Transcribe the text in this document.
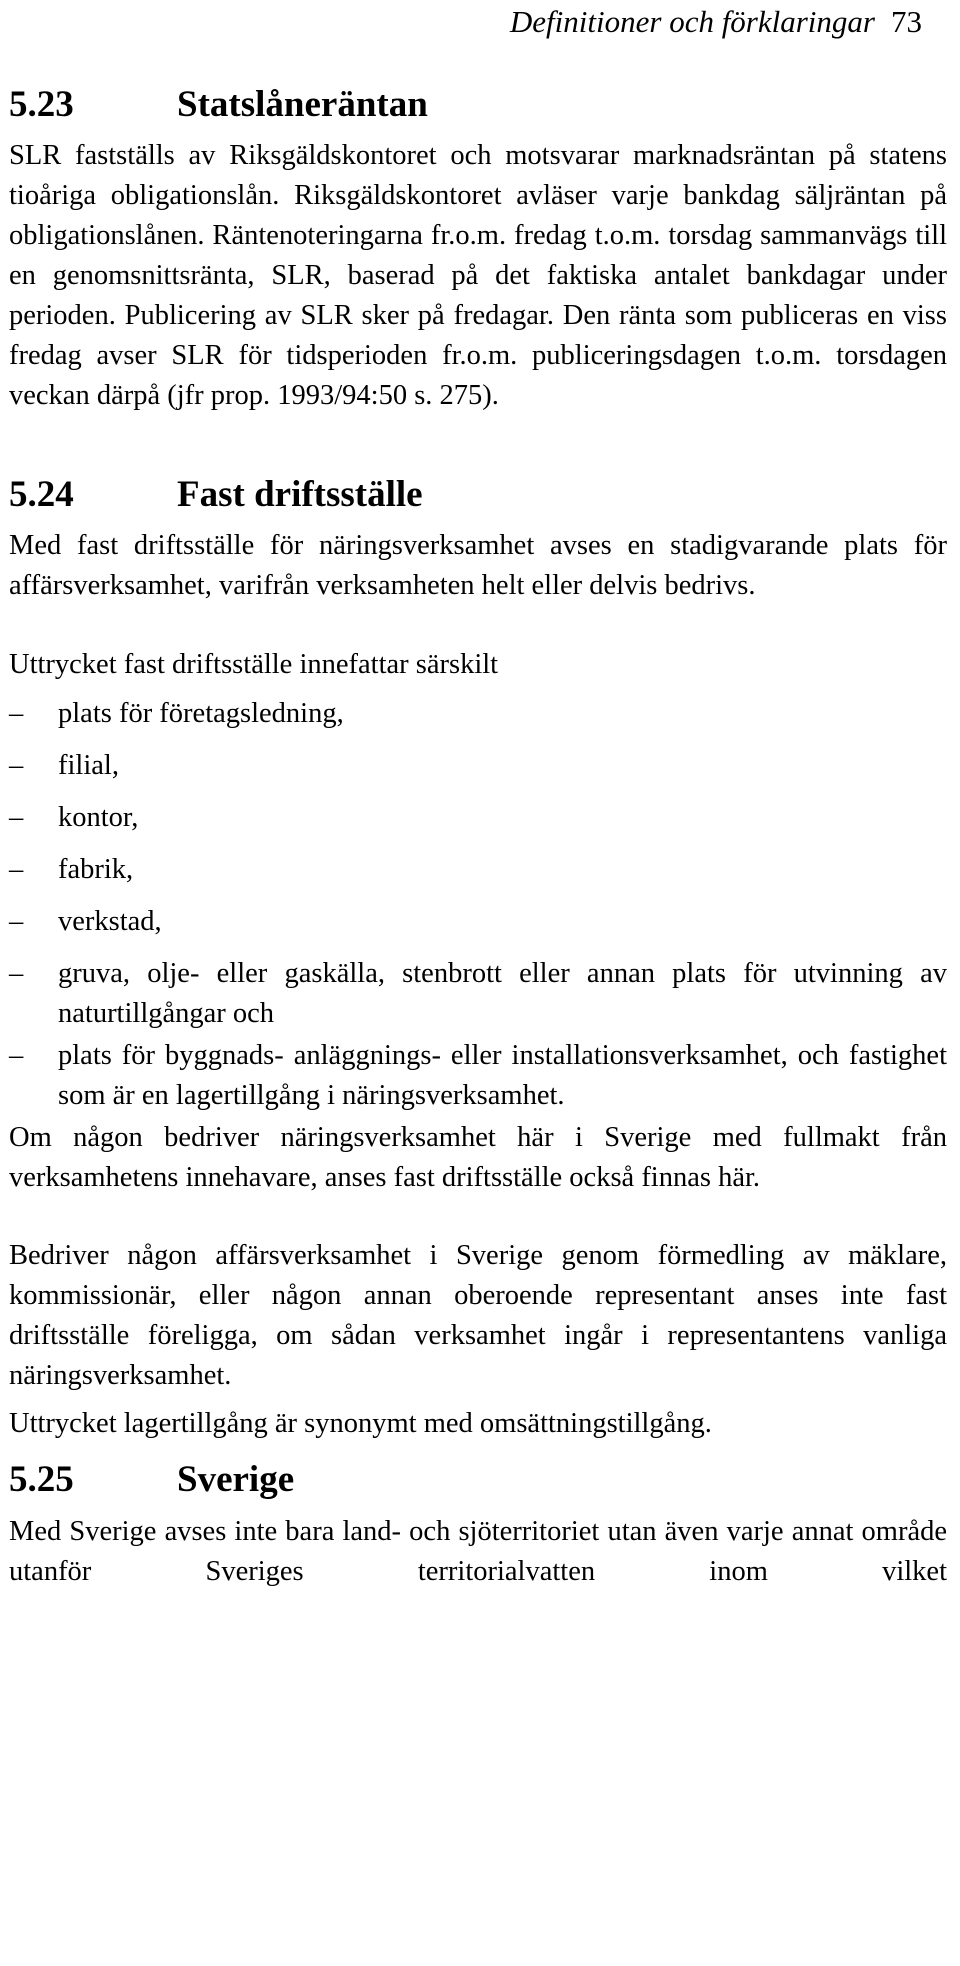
Definitioner och förklaringar 73
5.23	Statslåneräntan

SLR fastställs av Riksgäldskontoret och motsvarar marknadsräntan på statens tioåriga obligationslån. Riksgäldskontoret avläser varje bankdag säljräntan på obligationslånen. Räntenoteringarna fr.o.m. fredag t.o.m. torsdag sammanvägs till en genomsnittsränta, SLR, baserad på det faktiska antalet bankdagar under perioden. Publicering av SLR sker på fredagar. Den ränta som publiceras en viss fredag avser SLR för tidsperioden fr.o.m. publiceringsdagen t.o.m. torsdagen veckan därpå (jfr prop. 1993/94:50 s. 275).

5.24	Fast driftsställe

Med fast driftsställe för näringsverksamhet avses en stadigvarande plats för affärsverksamhet, varifrån verksamheten helt eller delvis bedrivs.

Uttrycket fast driftsställe innefattar särskilt

– plats för företagsledning,

– filial,

– kontor,

– fabrik,

– verkstad,

– gruva, olje- eller gaskälla, stenbrott eller annan plats för utvinning av naturtillgångar och

– plats för byggnads- anläggnings- eller installationsverksamhet, och fastighet som är en lagertillgång i näringsverksamhet.

Om någon bedriver näringsverksamhet här i Sverige med fullmakt från verksamhetens innehavare, anses fast driftsställe också finnas här.

Bedriver någon affärsverksamhet i Sverige genom förmedling av mäklare, kommissionär, eller någon annan oberoende representant anses inte fast driftsställe föreligga, om sådan verksamhet ingår i representantens vanliga näringsverksamhet.

Uttrycket lagertillgång är synonymt med omsättningstillgång.

5.25	Sverige

Med Sverige avses inte bara land- och sjöterritoriet utan även varje annat område utanför Sveriges territorialvatten inom vilket
